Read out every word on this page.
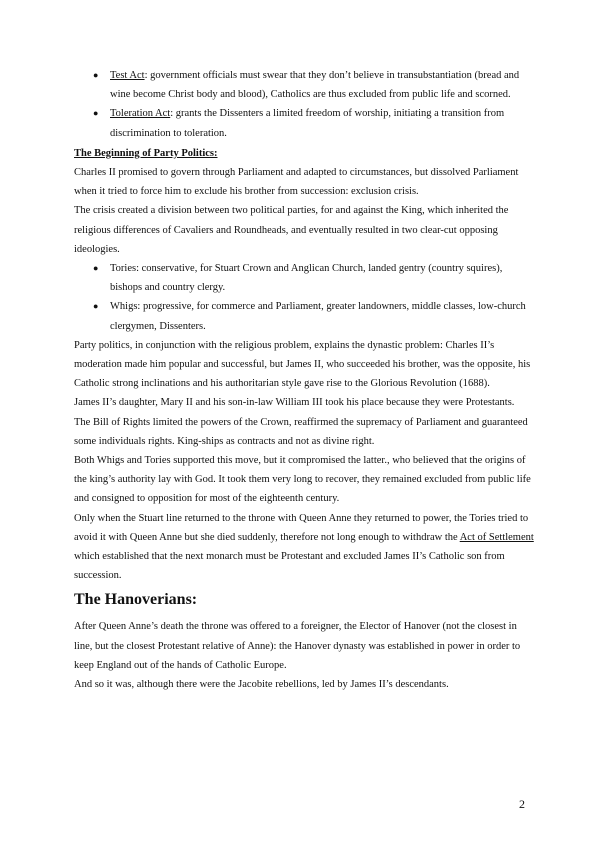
● Test Act: government officials must swear that they don’t believe in transubstantiation (bread and wine become Christ body and blood), Catholics are thus excluded from public life and scorned.
● Toleration Act: grants the Dissenters a limited freedom of worship, initiating a transition from discrimination to toleration.

The Beginning of Party Politics:

Charles II promised to govern through Parliament and adapted to circumstances, but dissolved Parliament when it tried to force him to exclude his brother from succession: exclusion crisis.

The crisis created a division between two political parties, for and against the King, which inherited the religious differences of Cavaliers and Roundheads, and eventually resulted in two clear-cut opposing ideologies.

● Tories: conservative, for Stuart Crown and Anglican Church, landed gentry (country squires), bishops and country clergy.
● Whigs: progressive, for commerce and Parliament, greater landowners, middle classes, low-church clergymen, Dissenters.

Party politics, in conjunction with the religious problem, explains the dynastic problem: Charles II’s moderation made him popular and successful, but James II, who succeeded his brother, was the opposite, his Catholic strong inclinations and his authoritarian style gave rise to the Glorious Revolution (1688).

James II’s daughter, Mary II and his son-in-law William III took his place because they were Protestants.

The Bill of Rights limited the powers of the Crown, reaffirmed the supremacy of Parliament and guaranteed some individuals rights. King-ships as contracts and not as divine right.

Both Whigs and Tories supported this move, but it compromised the latter., who believed that the origins of the king’s authority lay with God. It took them very long to recover, they remained excluded from public life and consigned to opposition for most of the eighteenth century.

Only when the Stuart line returned to the throne with Queen Anne they returned to power, the Tories tried to avoid it with Queen Anne but she died suddenly, therefore not long enough to withdraw the Act of Settlement which established that the next monarch must be Protestant and excluded James II’s Catholic son from succession.

The Hanoverians:

After Queen Anne’s death the throne was offered to a foreigner, the Elector of Hanover (not the closest in line, but the closest Protestant relative of Anne): the Hanover dynasty was established in power in order to keep England out of the hands of Catholic Europe.

And so it was, although there were the Jacobite rebellions, led by James II’s descendants.

2
